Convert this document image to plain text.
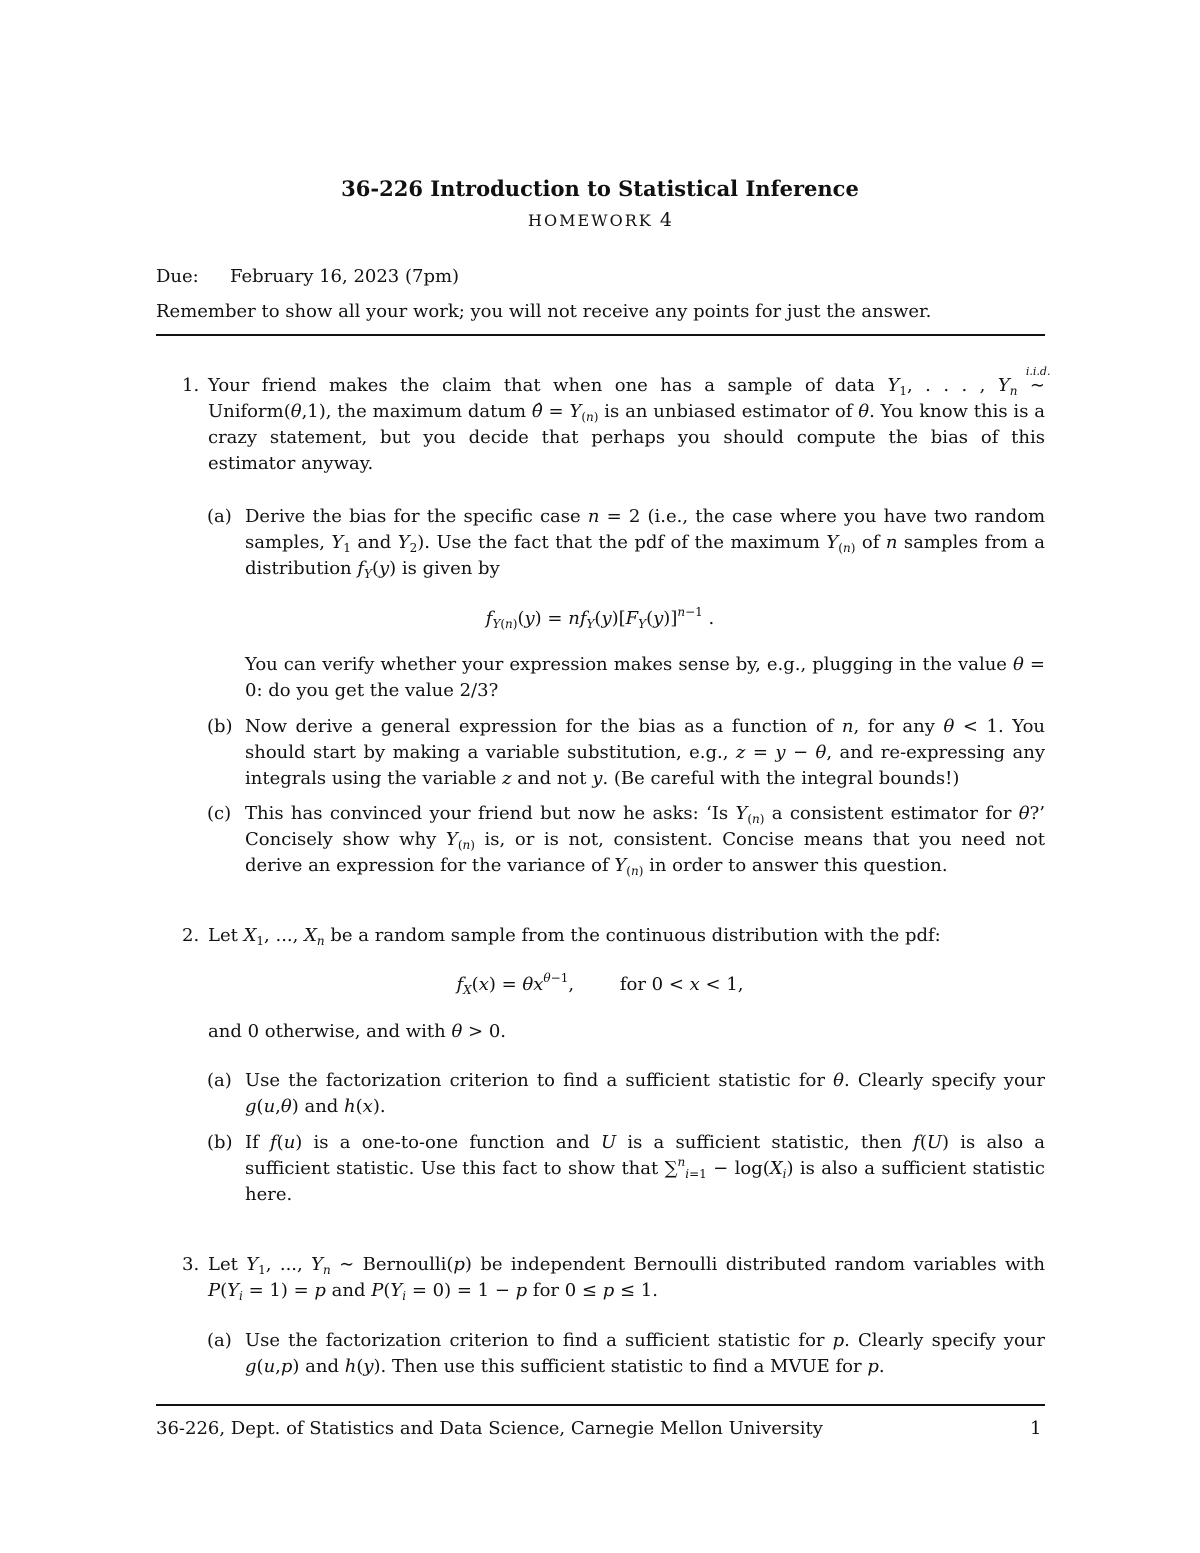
36-226 Introduction to Statistical Inference
HOMEWORK 4
Due: February 16, 2023 (7pm)
Remember to show all your work; you will not receive any points for just the answer.
1. Your friend makes the claim that when one has a sample of data $Y_1$, . . . , $Y_n$
i.i.d.
∼ Uniform(θ,1), the maximum datum θ̂ = $Y_{(n)}$ is an unbiased estimator of θ. You know this is a crazy statement, but you decide that perhaps you should compute the bias of this estimator anyway.
(a) Derive the bias for the specific case n = 2 (i.e., the case where you have two random samples, $Y_1$ and $Y_2$). Use the fact that the pdf of the maximum $Y_{(n)}$ of n samples from a distribution $f_Y(y)$ is given by
$f_{Y(n)}(y) = nf_Y(y)[F_Y(y)]^{n-1}$ .
You can verify whether your expression makes sense by, e.g., plugging in the value θ = 0: do you get the value 2/3?
(b) Now derive a general expression for the bias as a function of n, for any θ < 1. You should start by making a variable substitution, e.g., z = y − θ, and re-expressing any integrals using the variable z and not y. (Be careful with the integral bounds!)
(c) This has convinced your friend but now he asks: ‘Is $Y_{(n)}$ a consistent estimator for θ?’ Concisely show why $Y_{(n)}$ is, or is not, consistent. Concise means that you need not derive an expression for the variance of $Y_{(n)}$ in order to answer this question.
2. Let $X_1$, ..., $X_n$ be a random sample from the continuous distribution with the pdf:
$f_X(x) = \theta x^{\theta-1}$,        for 0 < x < 1,
and 0 otherwise, and with θ > 0.
(a) Use the factorization criterion to find a sufficient statistic for θ. Clearly specify your g(u,θ) and h(x).
(b) If f(u) is a one-to-one function and U is a sufficient statistic, then f(U) is also a sufficient statistic. Use this fact to show that $\sum^n_{i=1} - \log(X_i)$ is also a sufficient statistic here.
3. Let $Y_1$, ..., $Y_n$ ∼ Bernoulli(p) be independent Bernoulli distributed random variables with $P(Y_i = 1) = p$ and $P(Y_i = 0) = 1 - p$ for 0 ≤ p ≤ 1.
(a) Use the factorization criterion to find a sufficient statistic for p. Clearly specify your g(u,p) and h(y). Then use this sufficient statistic to find a MVUE for p.
36-226, Dept. of Statistics and Data Science, Carnegie Mellon University	1
